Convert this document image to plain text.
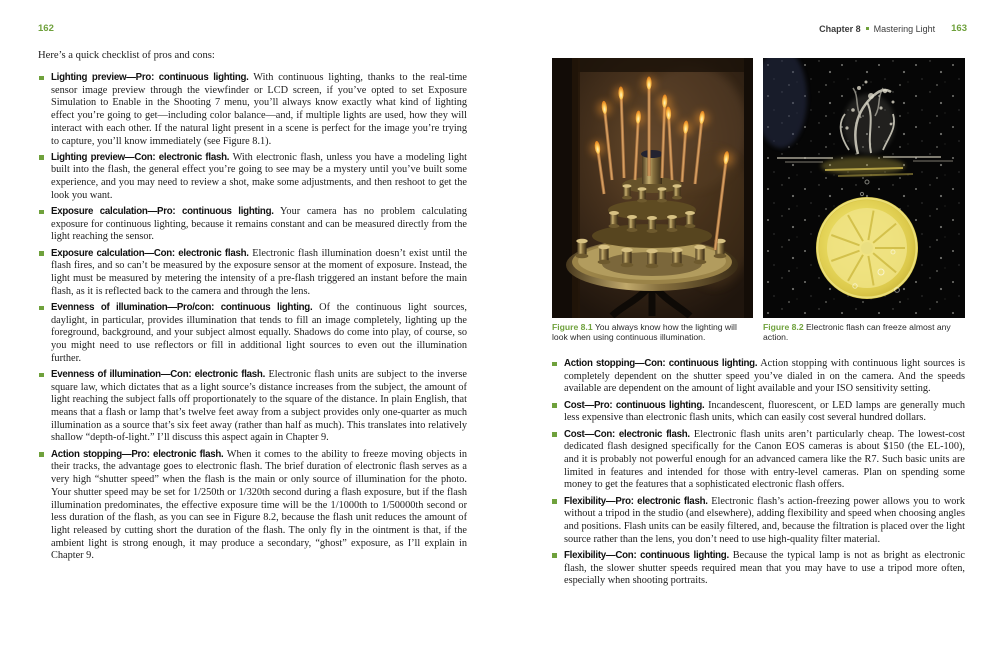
162	Chapter 8 Mastering Light 163
Here’s a quick checklist of pros and cons:
Lighting preview—Pro: continuous lighting. With continuous lighting, thanks to the real-time sensor image preview through the viewfinder or LCD screen, if you’ve opted to set Exposure Simulation to Enable in the Shooting 7 menu, you’ll always know exactly what kind of lighting effect you’re going to get—including color balance—and, if multiple lights are used, how they will interact with each other. If the natural light present in a scene is perfect for the image you’re trying to capture, you’ll know immediately (see Figure 8.1).
Lighting preview—Con: electronic flash. With electronic flash, unless you have a modeling light built into the flash, the general effect you’re going to see may be a mystery until you’ve built some experience, and you may need to review a shot, make some adjustments, and then reshoot to get the look you want.
Exposure calculation—Pro: continuous lighting. Your camera has no problem calculating exposure for continuous lighting, because it remains constant and can be measured directly from the light reaching the sensor.
Exposure calculation—Con: electronic flash. Electronic flash illumination doesn’t exist until the flash fires, and so can’t be measured by the exposure sensor at the moment of exposure. Instead, the light must be measured by metering the intensity of a pre-flash triggered an instant before the main flash, as it is reflected back to the camera and through the lens.
Evenness of illumination—Pro/con: continuous lighting. Of the continuous light sources, daylight, in particular, provides illumination that tends to fill an image completely, lighting up the foreground, background, and your subject almost equally. Shadows do come into play, of course, so you might need to use reflectors or fill in additional light sources to even out the illumination further.
Evenness of illumination—Con: electronic flash. Electronic flash units are subject to the inverse square law, which dictates that as a light source’s distance increases from the subject, the amount of light reaching the subject falls off proportionately to the square of the distance. In plain English, that means that a flash or lamp that’s twelve feet away from a subject provides only one-quarter as much illumination as a source that’s six feet away (rather than half as much). This translates into relatively shallow “depth-of-light.” I’ll discuss this aspect again in Chapter 9.
Action stopping—Pro: electronic flash. When it comes to the ability to freeze moving objects in their tracks, the advantage goes to electronic flash. The brief duration of electronic flash serves as a very high “shutter speed” when the flash is the main or only source of illumination for the photo. Your shutter speed may be set for 1/250th or 1/320th second during a flash exposure, but if the flash illumination predominates, the effective exposure time will be the 1/1000th to 1/50000th second or less duration of the flash, as you can see in Figure 8.2, because the flash unit reduces the amount of light released by cutting short the duration of the flash. The only fly in the ointment is that, if the ambient light is strong enough, it may produce a secondary, “ghost” exposure, as I’ll explain in Chapter 9.
Figure 8.1 You always know how the lighting will look when using continuous illumination.
Figure 8.2 Electronic flash can freeze almost any action.
Action stopping—Con: continuous lighting. Action stopping with continuous light sources is completely dependent on the shutter speed you’ve dialed in on the camera. And the speeds available are dependent on the amount of light available and your ISO sensitivity setting.
Cost—Pro: continuous lighting. Incandescent, fluorescent, or LED lamps are generally much less expensive than electronic flash units, which can easily cost several hundred dollars.
Cost—Con: electronic flash. Electronic flash units aren’t particularly cheap. The lowest-cost dedicated flash designed specifically for the Canon EOS cameras is about $150 (the EL-100), and it is probably not powerful enough for an advanced camera like the R7. Such basic units are limited in features and intended for those with entry-level cameras. Plan on spending some money to get the features that a sophisticated electronic flash offers.
Flexibility—Pro: electronic flash. Electronic flash’s action-freezing power allows you to work without a tripod in the studio (and elsewhere), adding flexibility and speed when choosing angles and positions. Flash units can be easily filtered, and, because the filtration is placed over the light source rather than the lens, you don’t need to use high-quality filter material.
Flexibility—Con: continuous lighting. Because the typical lamp is not as bright as electronic flash, the slower shutter speeds required mean that you may have to use a tripod more often, especially when shooting portraits.
